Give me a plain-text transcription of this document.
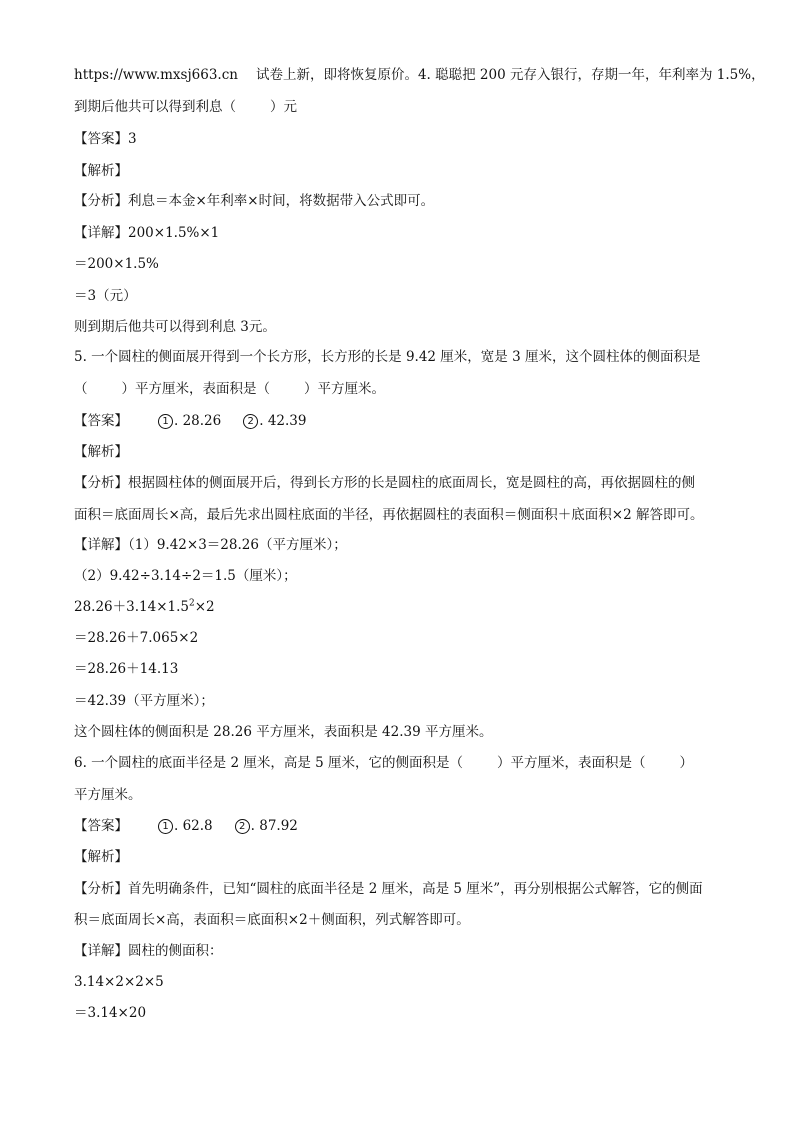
https://www.mxsj663.cn 试卷上新，即将恢复原价。4. 聪聪把 200 元存入银行，存期一年，年利率为 1.5%，
到期后他共可以得到利息（	）元
【答案】3
【解析】
【分析】利息＝本金×年利率×时间，将数据带入公式即可。
【详解】200×1.5%×1
＝200×1.5%
＝3（元）
则到期后他共可以得到利息 3元。
5. 一个圆柱的侧面展开得到一个长方形，长方形的长是 9.42 厘米，宽是 3 厘米，这个圆柱体的侧面积是
（	）平方厘米，表面积是（	）平方厘米。
【答案】	1 . 28.26	2 . 42.39
【解析】
【分析】根据圆柱体的侧面展开后，得到长方形的长是圆柱的底面周长，宽是圆柱的高，再依据圆柱的侧
面积＝底面周长×高，最后先求出圆柱底面的半径，再依据圆柱的表面积＝侧面积＋底面积×2 解答即可。
【详解】（1）9.42×3＝28.26（平方厘米）；
（2）9.42÷3.14÷2＝1.5（厘米）；
$28.26+3.14\times 1.5^2\times 2$
＝28.26＋7.065×2
＝28.26＋14.13
＝42.39（平方厘米）；
这个圆柱体的侧面积是 28.26 平方厘米，表面积是 42.39 平方厘米。
6. 一个圆柱的底面半径是 2 厘米，高是 5 厘米，它的侧面积是（	）平方厘米，表面积是（	）
平方厘米。
【答案】	1 . 62.8	2 . 87.92
【解析】
【分析】首先明确条件，已知“圆柱的底面半径是 2 厘米，高是 5 厘米”，再分别根据公式解答，它的侧面
积＝底面周长×高，表面积＝底面积×2＋侧面积，列式解答即可。
【详解】圆柱的侧面积：
3.14×2×2×5
＝3.14×20
